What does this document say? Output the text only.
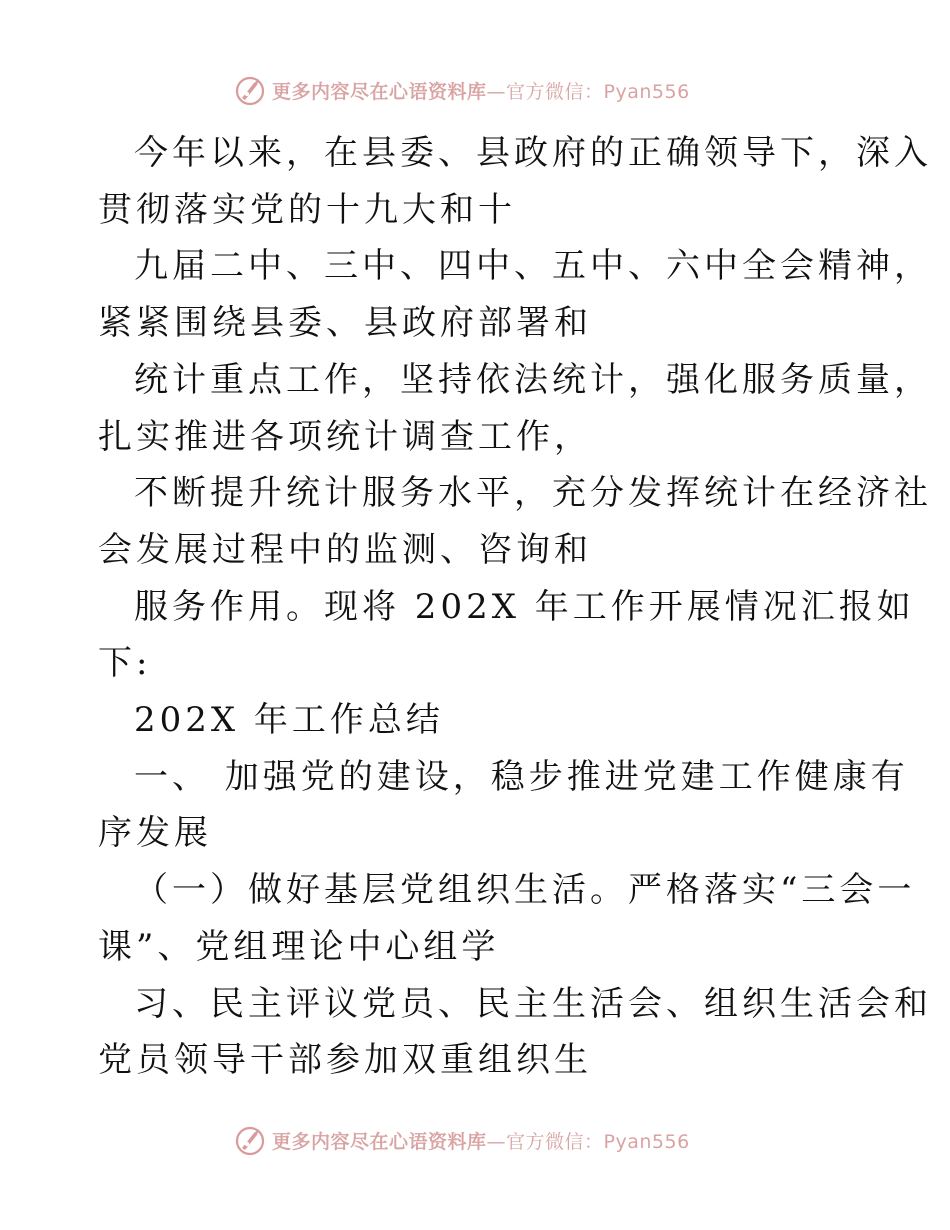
更多内容尽在心语资料库—官方微信：Pyan556

今年以来，在县委、县政府的正确领导下，深入

贯彻落实党的十九大和十

九届二中、三中、四中、五中、六中全会精神，

紧紧围绕县委、县政府部署和

统计重点工作，坚持依法统计，强化服务质量，

扎实推进各项统计调查工作，

不断提升统计服务水平，充分发挥统计在经济社

会发展过程中的监测、咨询和

服务作用。现将 202X 年工作开展情况汇报如

下:

202X 年工作总结

一、 加强党的建设，稳步推进党建工作健康有

序发展

（一）做好基层党组织生活。严格落实“三会一

课”、党组理论中心组学

习、民主评议党员、民主生活会、组织生活会和

党员领导干部参加双重组织生

更多内容尽在心语资料库—官方微信：Pyan556
